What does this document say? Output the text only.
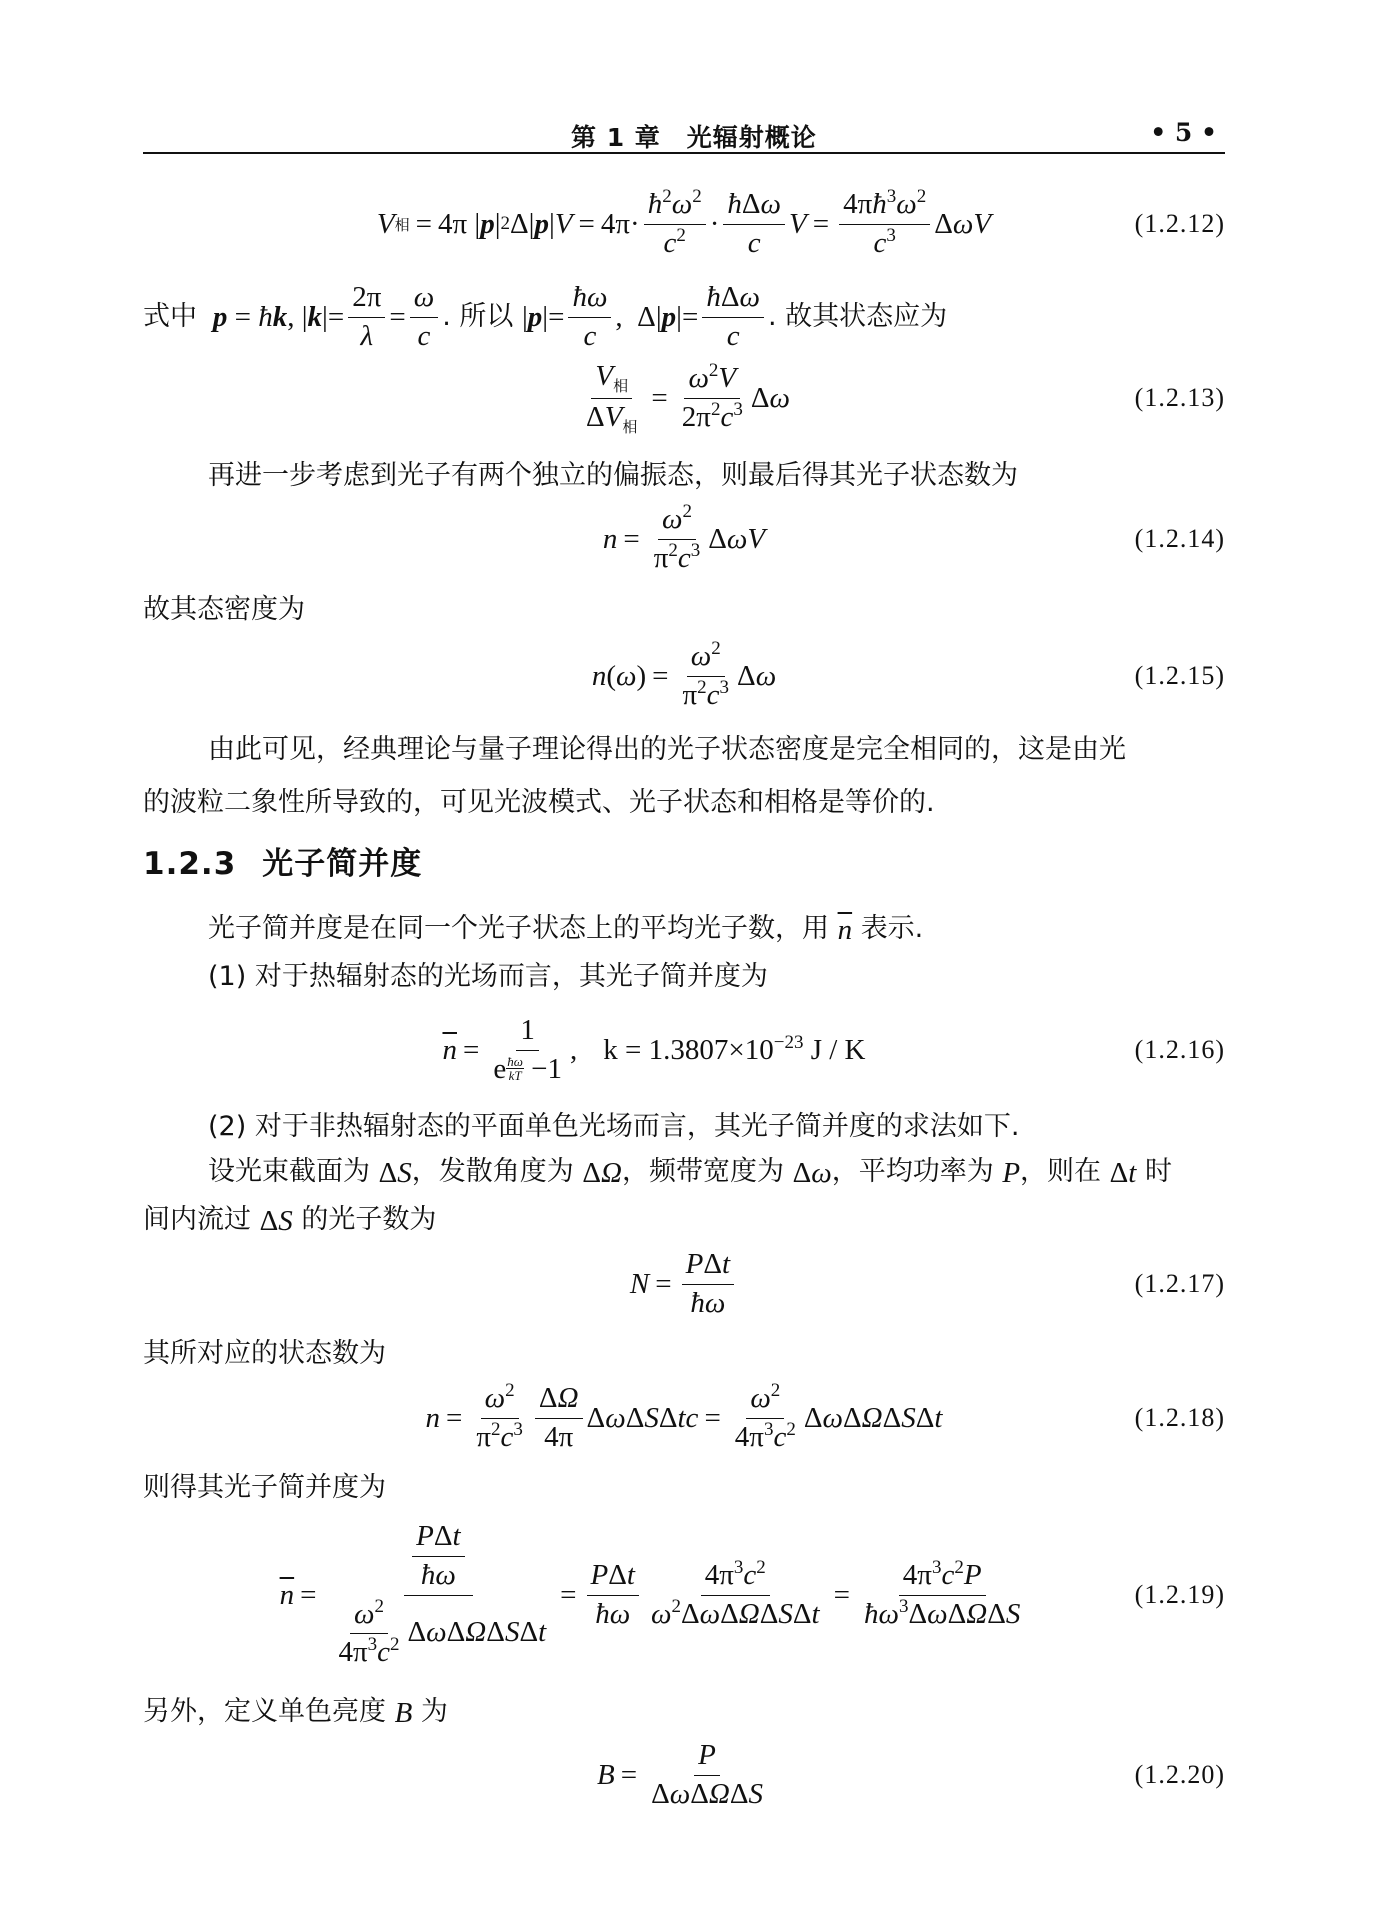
第 1 章　光辐射概论	• 5 •
V 相 = 4π | p | 2 Δ| p | $V = 4\pi\cdot \frac{ħ^2\omega^2}{c^2} \cdot \frac{\text{ħΔω}}{c}$ $V = \frac{4\pi ħ^3\omega^2}{c^3}$ Δ ωV	(1.2.12)
式中 p = ħ k , | k |= $\frac{2\pi}{\lambda} = \frac{\omega}{c}$ . 所以 | p |= $\frac{ħ\omega}{c}$ ,  Δ| p |= $\frac{\text{ħΔω}}{c}$ . 故其状态应为
$\frac{V_相}{\Delta V_相} = \frac{\omega^2V}{2\pi^2c^3}$ Δ ω	(1.2.13)
再进一步考虑到光子有两个独立的偏振态，则最后得其光子状态数为
$n = \frac{\omega^2}{\pi^2c^3}$ Δ ωV	(1.2.14)
故其态密度为
n ( ω ) = $\frac{\omega^2}{\pi^2c^3}$ Δ ω	(1.2.15)
由此可见，经典理论与量子理论得出的光子状态密度是完全相同的，这是由光
的波粒二象性所导致的，可见光波模式、光子状态和相格是等价的.
1.2.3 光子简并度
光子简并度是在同一个光子状态上的平均光子数，用 $\overline{n}$ 表示.
(1) 对于热辐射态的光场而言，其光子简并度为
$\overline{n} = \frac{1}{e \frac{ħ\omega}{kT} -1}$ , $k = 1.3807\times 10^{-23}$ J / K	(1.2.16)
(2) 对于非热辐射态的平面单色光场而言，其光子简并度的求法如下.
设光束截面为 Δ S ，发散角度为 Δ Ω ，频带宽度为 Δ ω ，平均功率为 P ，则在 Δ t 时
间内流过 Δ S 的光子数为
$N = \frac{\text{PΔt}}{ħ\omega}$	(1.2.17)
其所对应的状态数为
$n = \frac{\omega^2}{\pi^2c^3} \frac{\Delta\Omega}{4\pi}$ Δ ω Δ S Δ tc = $\frac{\omega^2}{4\pi^3c^2}$ Δ ω Δ Ω Δ S Δ t	(1.2.18)
则得其光子简并度为
$\overline{n} = \frac{\frac{\text{PΔt}}{ħ\omega}}{\frac{\omega^2}{4\pi^3c^2} \Delta\omega\Delta\Omega\Delta S\Delta t} = \frac{\text{PΔt}}{ħ\omega} \frac{4\pi^3c^2}{\omega^2\Delta\omega\Delta\Omega\Delta S\Delta t} = \frac{4\pi^3c^2P}{ħ\omega^3\Delta\omega\Delta\Omega\Delta S}$	(1.2.19)
另外，定义单色亮度 B 为
$B = \frac{P}{\text{ΔωΔΩΔS}}$	(1.2.20)
